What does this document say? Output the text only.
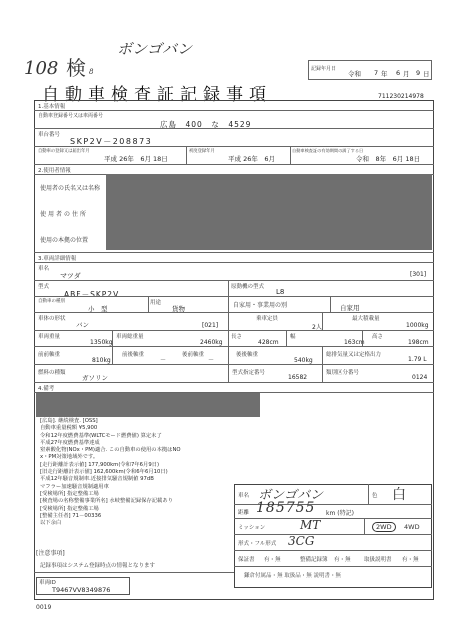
108 検 8
ボンゴバン
記録年月日
令和 7 年 6 月 9 日
自動車検査証記録事項	711230214978
1.基本情報
自動車登録番号又は車両番号
広島　400　な　4529
車台番号
SKP2V－208873
自動車の登録又は届出年月
平成 26年　6月 18日
初度登録年月
平成 26年　6月
自動車検査証の有効期間の満了する日
令和　8年　6月 18日
2.使用者情報
使用者の氏名又は名称
使用者の住所
使用の本拠の位置
3.車両詳細情報
車名
マツダ	[301]
型式
ABF－SKP2V
原動機の型式
L8
自動車の種別
小　型
用途
貨物	自家用・事業用の別	自家用
車体の形状
バン	[021]
乗車定員
2人
最大積載量
1000kg
車両重量
1350kg
車両総重量
2460kg
長さ
428cm
幅
163cm
高さ
198cm
前前軸重
810kg
前後軸重
－
後前軸重
－
後後軸重
540kg
総排気量又は定格出力
1.79 L
燃料の種類
ガソリン
型式指定番号
16582
類別区分番号
0124
4.備考
[広島]. 継続検査. [OSS]
自動車重量税額 ¥5,900
令和12年度燃費基準(WLTCモード燃費値) 算定未了
平成27年度燃費基準達成
窒素酸化物(NOx・PM)適合. この自動車の使用の本拠はNO
x・PM対策地域外です。
[走行距離計表示値] 177,900km(令和7年6月9日)
[旧走行距離計表示値] 162,600km(令和6年6月10日)
平成12年騒音規制車.近接排気騒音規制値 97dB
マフラー加速騒音規制適用車
[受検場所] 指定整備工場
[検査場の名称整備事業所名] 水岐整備記録保存記載あり
[受検場所] 指定整備工場
[整備主任者] 71－00336
以下余白
車名 ボンゴバン	色 白
距離 185755 km (特記)
ミッション	MT	2WD	4WD
形式・フル形式 3CG
保証書 有・無	整備記録簿 有・無 取扱説明書 有・無
鎌倉付属品・無 取扱品・無 説明書・無
[注意事項]
記録事項はシステム登録時点の情報となります
車両ID
T9467VV8349876
0019
